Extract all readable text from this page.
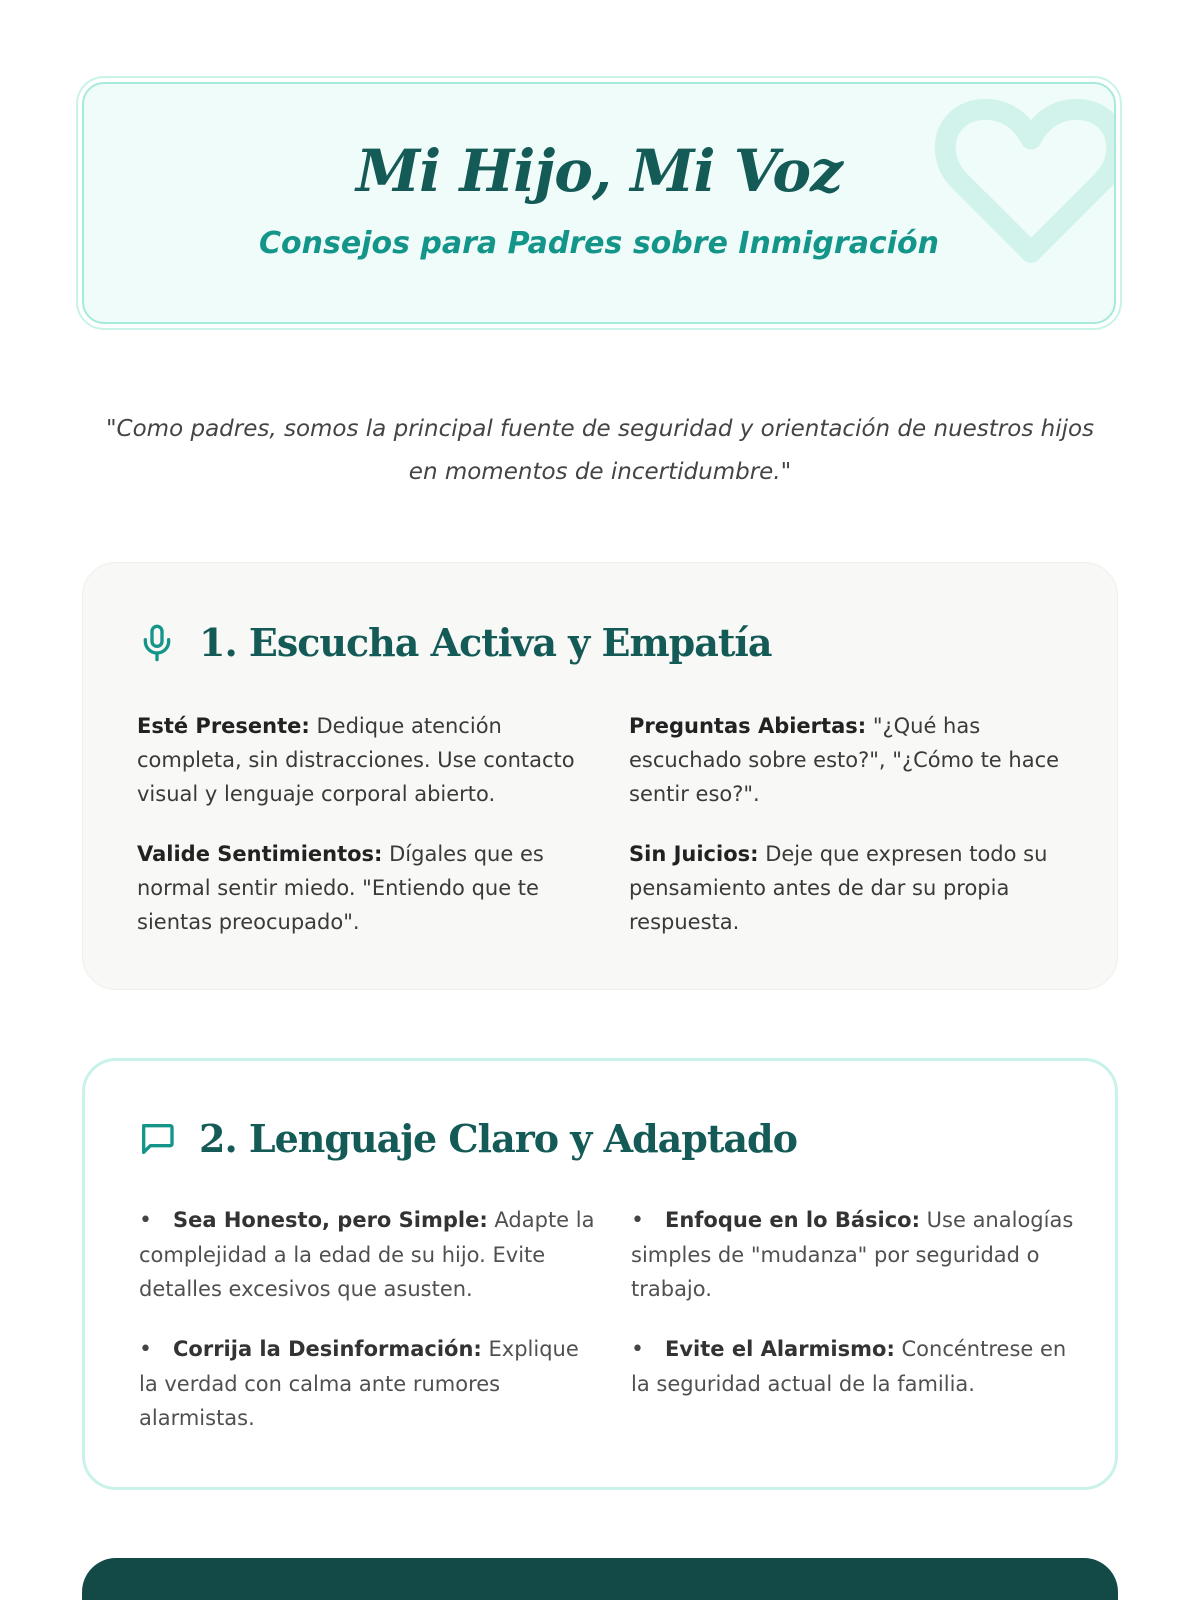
Mi Hijo, Mi Voz
Consejos para Padres sobre Inmigración

"Como padres, somos la principal fuente de seguridad y orientación de nuestros hijos en momentos de incertidumbre."

1. Escucha Activa y Empatía
Esté Presente: Dedique atención completa, sin distracciones. Use contacto visual y lenguaje corporal abierto.
Preguntas Abiertas: "¿Qué has escuchado sobre esto?", "¿Cómo te hace sentir eso?".
Valide Sentimientos: Dígales que es normal sentir miedo. "Entiendo que te sientas preocupado".
Sin Juicios: Deje que expresen todo su pensamiento antes de dar su propia respuesta.
2. Lenguaje Claro y Adaptado
• Sea Honesto, pero Simple: Adapte la complejidad a la edad de su hijo. Evite detalles excesivos que asusten.
• Enfoque en lo Básico: Use analogías simples de "mudanza" por seguridad o trabajo.
• Corrija la Desinformación: Explique la verdad con calma ante rumores alarmistas.
• Evite el Alarmismo: Concéntrese en la seguridad actual de la familia.
